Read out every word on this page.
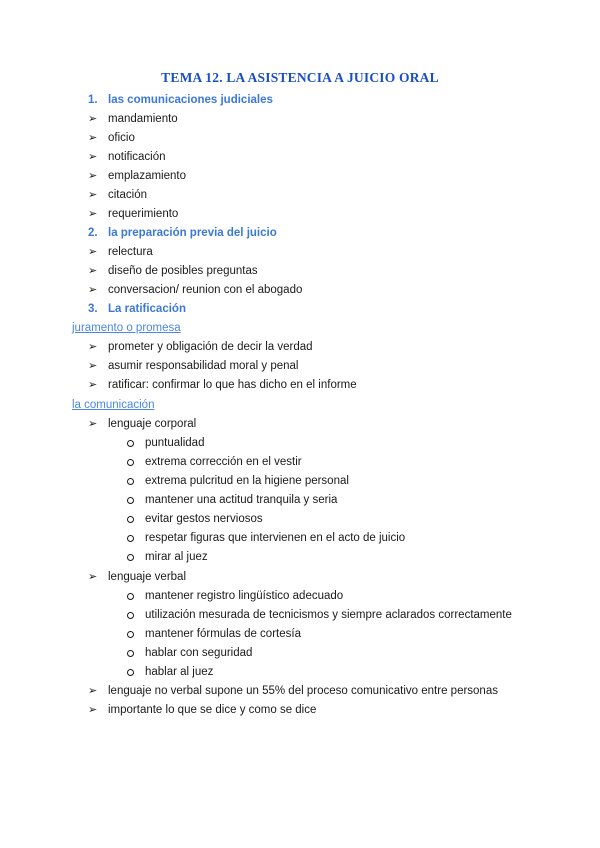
TEMA 12. LA ASISTENCIA A JUICIO ORAL
1. las comunicaciones judiciales
➢ mandamiento
➢ oficio
➢ notificación
➢ emplazamiento
➢ citación
➢ requerimiento
2. la preparación previa del juicio
➢ relectura
➢ diseño de posibles preguntas
➢ conversacion/ reunion con el abogado
3. La ratificación
juramento o promesa
➢ prometer y obligación de decir la verdad
➢ asumir responsabilidad moral y penal
➢ ratificar: confirmar lo que has dicho en el informe
la comunicación
➢ lenguaje corporal
puntualidad
extrema corrección en el vestir
extrema pulcritud en la higiene personal
mantener una actitud tranquila y seria
evitar gestos nerviosos
respetar figuras que intervienen en el acto de juicio
mirar al juez
➢ lenguaje verbal
mantener registro lingüístico adecuado
utilización mesurada de tecnicismos y siempre aclarados correctamente
mantener fórmulas de cortesía
hablar con seguridad
hablar al juez
➢ lenguaje no verbal supone un 55% del proceso comunicativo entre personas
➢ importante lo que se dice y como se dice
